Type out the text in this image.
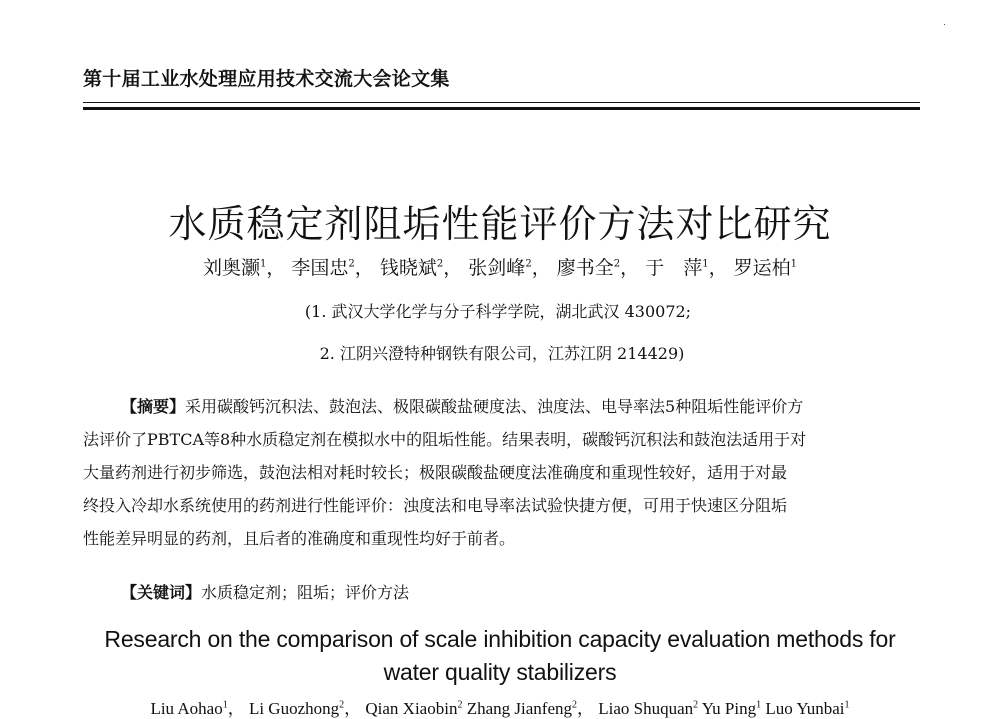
第十届工业水处理应用技术交流大会论文集
水质稳定剂阻垢性能评价方法对比研究
刘奥灏$^1$， 李国忠$^2$， 钱晓斌$^2$， 张剑峰$^2$， 廖书全$^2$， 于　萍$^1$， 罗运柏$^1$
(1. 武汉大学化学与分子科学学院，湖北武汉 430072;
2. 江阴兴澄特种钢铁有限公司，江苏江阴 214429)
【摘要】采用碳酸钙沉积法、鼓泡法、极限碳酸盐硬度法、浊度法、电导率法5种阻垢性能评价方
法评价了PBTCA等8种水质稳定剂在模拟水中的阻垢性能。结果表明，碳酸钙沉积法和鼓泡法适用于对
大量药剂进行初步筛选，鼓泡法相对耗时较长；极限碳酸盐硬度法准确度和重现性较好，适用于对最
终投入冷却水系统使用的药剂进行性能评价：浊度法和电导率法试验快捷方便，可用于快速区分阻垢
性能差异明显的药剂，且后者的准确度和重现性均好于前者。
【关键词】水质稳定剂；阻垢；评价方法
Research on the comparison of scale inhibition capacity evaluation methods for
water quality stabilizers
Liu Aohao$^1$， Li Guozhong$^2$， Qian Xiaobin$^2$ Zhang Jianfeng$^2$， Liao Shuquan$^2$ Yu Ping$^1$ Luo Yunbai$^1$
